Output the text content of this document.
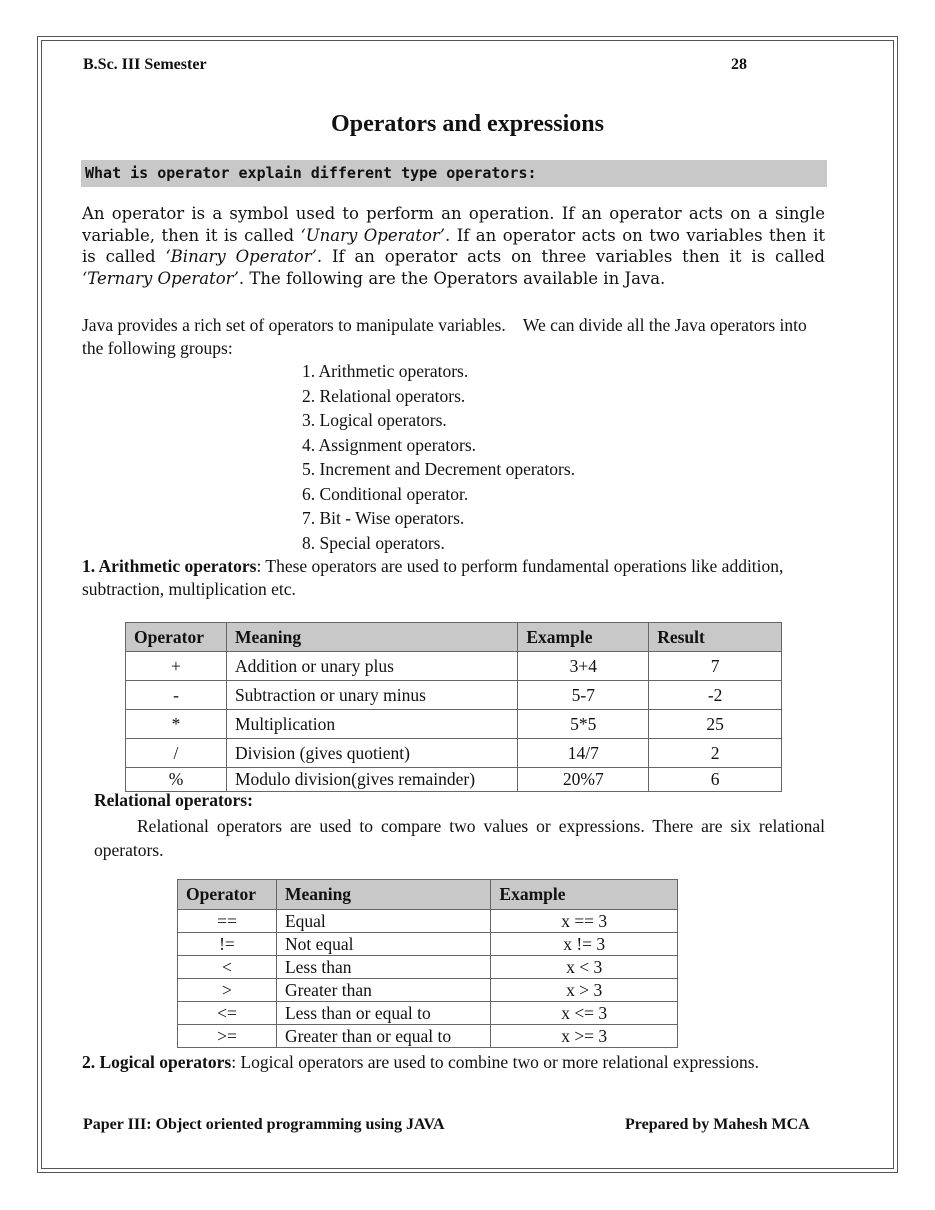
B.Sc. III Semester	28
Operators and expressions
What is operator explain different type operators:
An operator is a symbol used to perform an operation. If an operator acts on a single variable, then it is called ‘Unary Operator’. If an operator acts on two variables then it is called ‘Binary Operator’. If an operator acts on three variables then it is called ‘Ternary Operator’. The following are the Operators available in Java.
Java provides a rich set of operators to manipulate variables.    We can divide all the Java operators into the following groups:
1. Arithmetic operators.
2. Relational operators.
3. Logical operators.
4. Assignment operators.
5. Increment and Decrement operators.
6. Conditional operator.
7. Bit - Wise operators.
8. Special operators.
1. Arithmetic operators: These operators are used to perform fundamental operations like addition, subtraction, multiplication etc.
Operator	Meaning	Example	Result
+	Addition or unary plus	3+4	7
-	Subtraction or unary minus	5-7	-2
*	Multiplication	5*5	25
/	Division (gives quotient)	14/7	2
%	Modulo division(gives remainder)	20%7	6
Relational operators:
Relational operators are used to compare two values or expressions. There are six relational operators.
Operator	Meaning	Example
==	Equal	x == 3
!=	Not equal	x != 3
<	Less than	x < 3
>	Greater than	x > 3
<=	Less than or equal to	x <= 3
>=	Greater than or equal to	x >= 3
2. Logical operators: Logical operators are used to combine two or more relational expressions.
Paper III: Object oriented programming using JAVA	Prepared by Mahesh MCA
